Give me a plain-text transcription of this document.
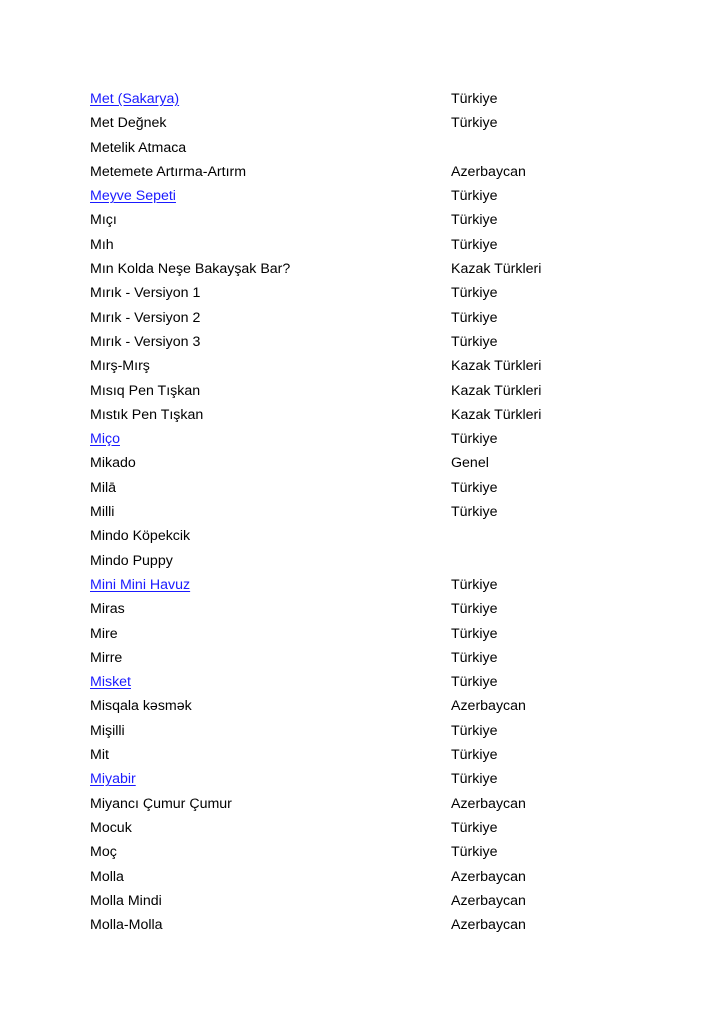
Met (Sakarya)	Türkiye
Met Değnek	Türkiye
Metelik Atmaca
Metemete Artırma-Artırm	Azerbaycan
Meyve Sepeti	Türkiye
Mıçı	Türkiye
Mıh	Türkiye
Mın Kolda Neşe Bakayşak Bar?	Kazak Türkleri
Mırık - Versiyon 1	Türkiye
Mırık - Versiyon 2	Türkiye
Mırık - Versiyon 3	Türkiye
Mırş-Mırş	Kazak Türkleri
Mısıq Pen Tışkan	Kazak Türkleri
Mıstık Pen Tışkan	Kazak Türkleri
Miço	Türkiye
Mikado	Genel
Milā	Türkiye
Milli	Türkiye
Mindo Köpekcik
Mindo Puppy
Mini Mini Havuz	Türkiye
Miras	Türkiye
Mire	Türkiye
Mirre	Türkiye
Misket	Türkiye
Misqala kəsmək	Azerbaycan
Mişilli	Türkiye
Mit	Türkiye
Miyabir	Türkiye
Miyancı Çumur Çumur	Azerbaycan
Mocuk	Türkiye
Moç	Türkiye
Molla	Azerbaycan
Molla Mindi	Azerbaycan
Molla-Molla	Azerbaycan
